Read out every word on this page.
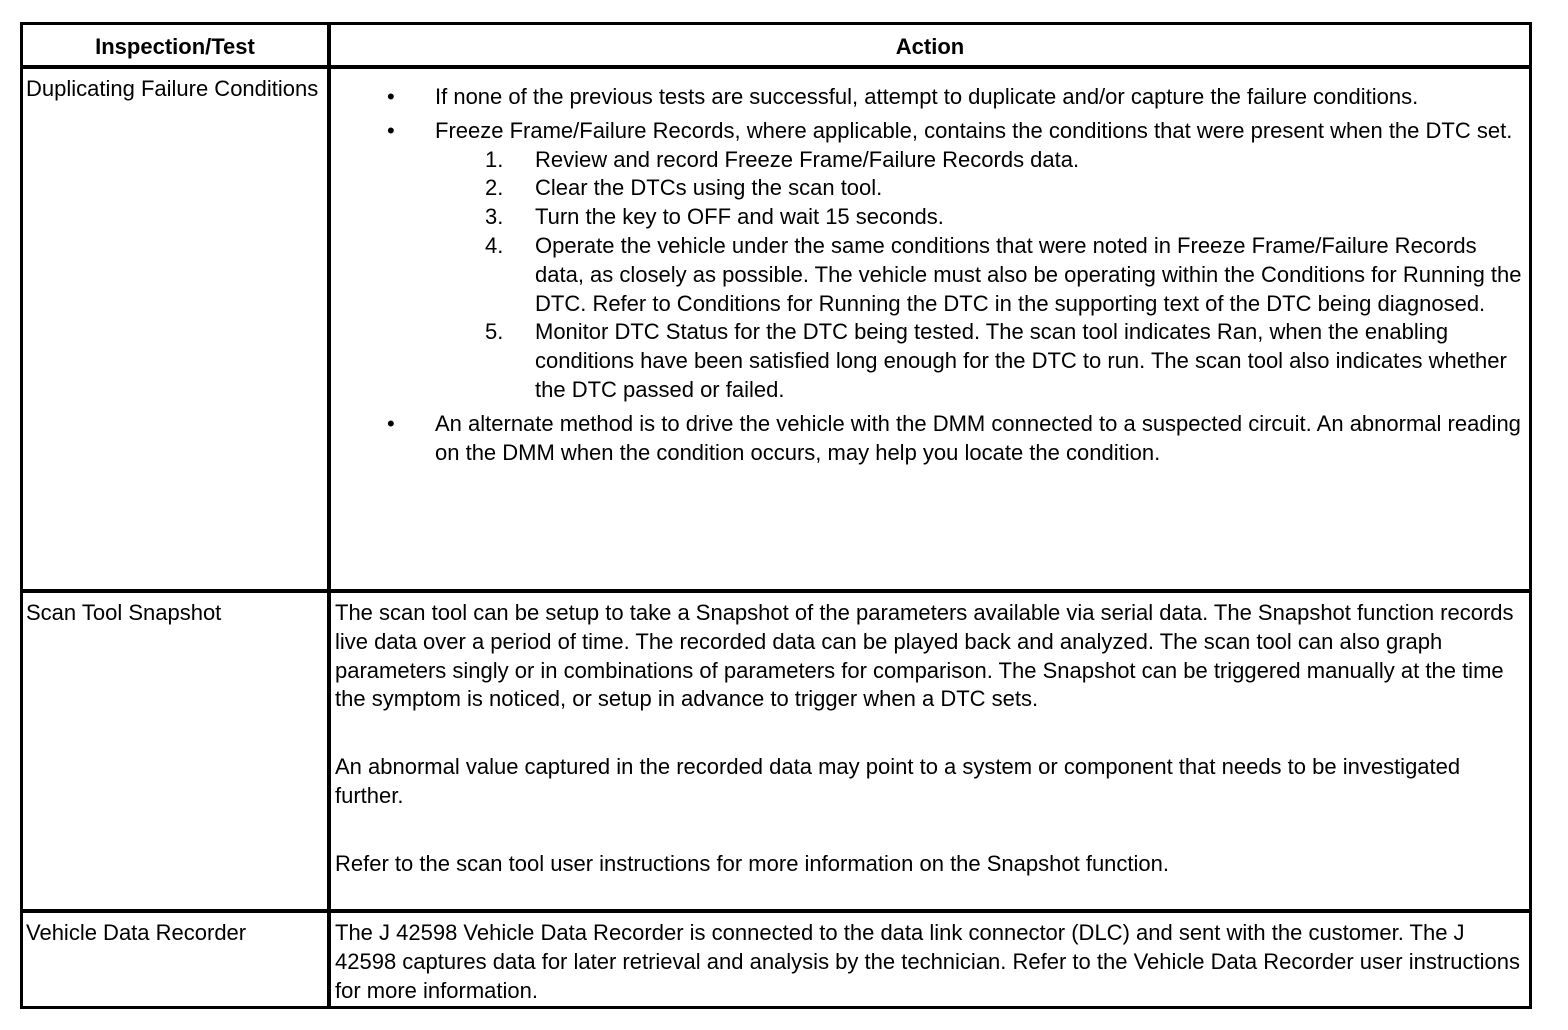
Inspection/Test	Action
Duplicating Failure Conditions	• If none of the previous tests are successful, attempt to duplicate and/or capture the failure conditions.
• Freeze Frame/Failure Records, where applicable, contains the conditions that were present when the DTC set.
1. Review and record Freeze Frame/Failure Records data.
2. Clear the DTCs using the scan tool.
3. Turn the key to OFF and wait 15 seconds.
4. Operate the vehicle under the same conditions that were noted in Freeze Frame/Failure Records data, as closely as possible. The vehicle must also be operating within the Conditions for Running the DTC. Refer to Conditions for Running the DTC in the supporting text of the DTC being diagnosed.
5. Monitor DTC Status for the DTC being tested. The scan tool indicates Ran, when the enabling conditions have been satisfied long enough for the DTC to run. The scan tool also indicates whether the DTC passed or failed.
• An alternate method is to drive the vehicle with the DMM connected to a suspected circuit. An abnormal reading on the DMM when the condition occurs, may help you locate the condition.
Scan Tool Snapshot	The scan tool can be setup to take a Snapshot of the parameters available via serial data. The Snapshot function records live data over a period of time. The recorded data can be played back and analyzed. The scan tool can also graph parameters singly or in combinations of parameters for comparison. The Snapshot can be triggered manually at the time the symptom is noticed, or setup in advance to trigger when a DTC sets.

An abnormal value captured in the recorded data may point to a system or component that needs to be investigated further.

Refer to the scan tool user instructions for more information on the Snapshot function.

Vehicle Data Recorder	The J 42598 Vehicle Data Recorder is connected to the data link connector (DLC) and sent with the customer. The J 42598 captures data for later retrieval and analysis by the technician. Refer to the Vehicle Data Recorder user instructions for more information.
